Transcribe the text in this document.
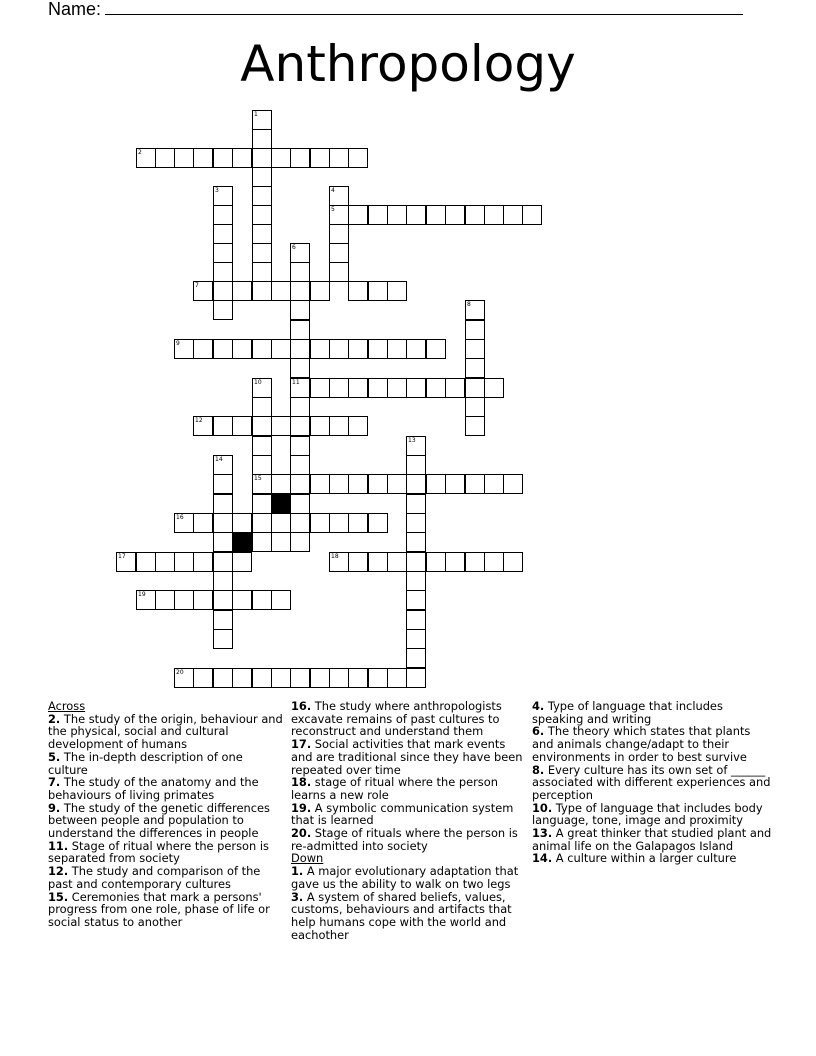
Name:
Anthropology
1
2
3	4
5
6
11
7
8
9
10
12
13
14
15
16
17	18
19
20
Across
2. The study of the origin, behaviour and the physical, social and cultural development of humans
5. The in-depth description of one culture
7. The study of the anatomy and the behaviours of living primates
9. The study of the genetic differences between people and population to understand the differences in people
11. Stage of ritual where the person is separated from society
12. The study and comparison of the past and contemporary cultures
15. Ceremonies that mark a persons' progress from one role, phase of life or social status to another
16. The study where anthropologists excavate remains of past cultures to reconstruct and understand them
17. Social activities that mark events and are traditional since they have been repeated over time
18. stage of ritual where the person learns a new role
19. A symbolic communication system that is learned
20. Stage of rituals where the person is re-admitted into society
Down
1. A major evolutionary adaptation that gave us the ability to walk on two legs
3. A system of shared beliefs, values, customs, behaviours and artifacts that help humans cope with the world and eachother
4. Type of language that includes speaking and writing
6. The theory which states that plants and animals change/adapt to their environments in order to best survive
8. Every culture has its own set of ______ associated with different experiences and perception
10. Type of language that includes body language, tone, image and proximity
13. A great thinker that studied plant and animal life on the Galapagos Island
14. A culture within a larger culture
